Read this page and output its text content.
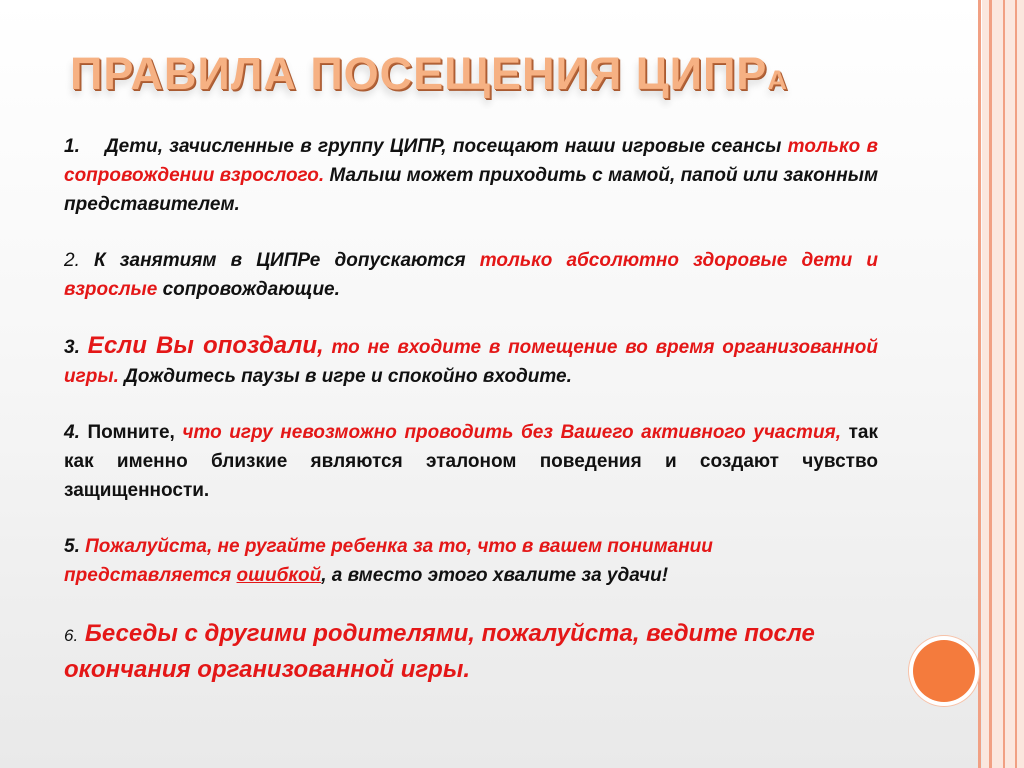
ПРАВИЛА ПОСЕЩЕНИЯ ЦИПРА

1. Дети, зачисленные в группу ЦИПР, посещают наши игровые сеансы только в сопровождении взрослого. Малыш может приходить с мамой, папой или законным представителем.

2. К занятиям в ЦИПРе допускаются только абсолютно здоровые дети и взрослые сопровождающие.

3. Если Вы опоздали, то не входите в помещение во время организованной игры. Дождитесь паузы в игре и спокойно входите.

4. Помните, что игру невозможно проводить без Вашего активного участия, так как именно близкие являются эталоном поведения и создают чувство защищенности.

5. Пожалуйста, не ругайте ребенка за то, что в вашем понимании представляется ошибкой, а вместо этого хвалите за удачи!

6. Беседы с другими родителями, пожалуйста, ведите после окончания организованной игры.
